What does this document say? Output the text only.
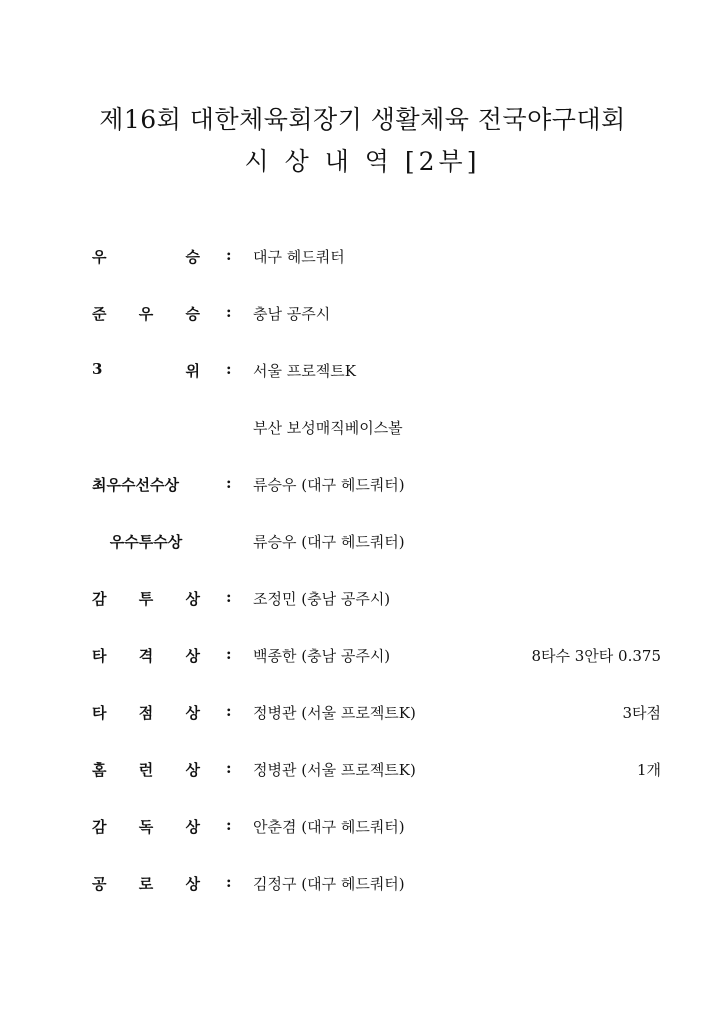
제16회 대한체육회장기 생활체육 전국야구대회
시 상 내 역 [2부]
우	승 : 대구 헤드쿼터
준 우 승 : 충남 공주시
3	위 : 서울 프로젝트K
부산 보성매직베이스볼
최우수선수상	: 류승우 (대구 헤드쿼터)
우수투수상	류승우 (대구 헤드쿼터)
감 투 상 : 조정민 (충남 공주시)
타 격 상 : 백종한 (충남 공주시)	8타수 3안타 0.375
타 점 상 : 정병관 (서울 프로젝트K)	3타점
홈 런 상 : 정병관 (서울 프로젝트K)	1개
감 독 상 : 안춘겸 (대구 헤드쿼터)
공 로 상 : 김정구 (대구 헤드쿼터)
